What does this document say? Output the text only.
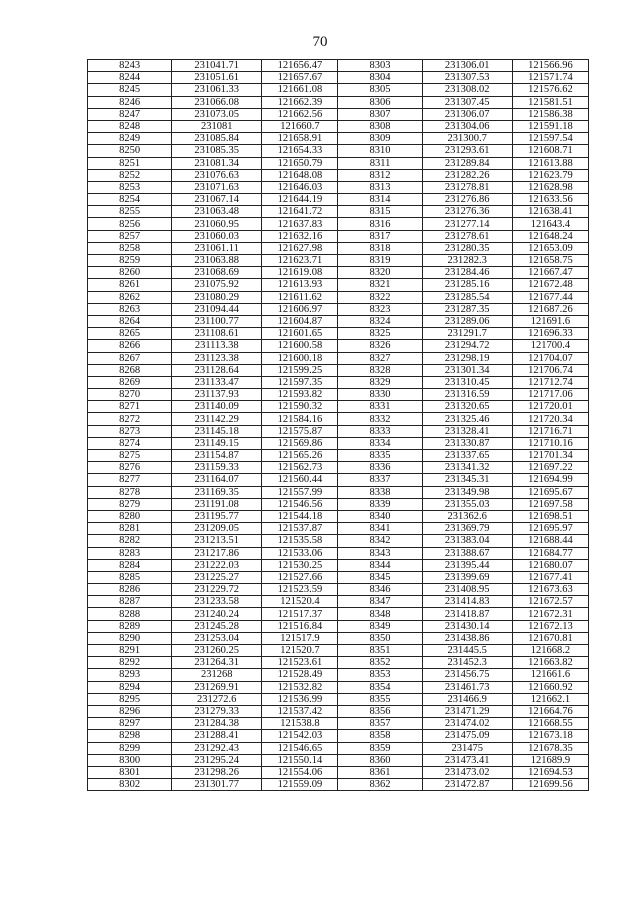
70
8243	231041.71	121656.47	8303	231306.01	121566.96
8244	231051.61	121657.67	8304	231307.53	121571.74
8245	231061.33	121661.08	8305	231308.02	121576.62
8246	231066.08	121662.39	8306	231307.45	121581.51
8247	231073.05	121662.56	8307	231306.07	121586.38
8248	231081	121660.7	8308	231304.06	121591.18
8249	231085.84	121658.91	8309	231300.7	121597.54
8250	231085.35	121654.33	8310	231293.61	121608.71
8251	231081.34	121650.79	8311	231289.84	121613.88
8252	231076.63	121648.08	8312	231282.26	121623.79
8253	231071.63	121646.03	8313	231278.81	121628.98
8254	231067.14	121644.19	8314	231276.86	121633.56
8255	231063.48	121641.72	8315	231276.36	121638.41
8256	231060.95	121637.83	8316	231277.14	121643.4
8257	231060.03	121632.16	8317	231278.61	121648.24
8258	231061.11	121627.98	8318	231280.35	121653.09
8259	231063.88	121623.71	8319	231282.3	121658.75
8260	231068.69	121619.08	8320	231284.46	121667.47
8261	231075.92	121613.93	8321	231285.16	121672.48
8262	231080.29	121611.62	8322	231285.54	121677.44
8263	231094.44	121606.97	8323	231287.35	121687.26
8264	231100.77	121604.87	8324	231289.06	121691.6
8265	231108.61	121601.65	8325	231291.7	121696.33
8266	231113.38	121600.58	8326	231294.72	121700.4
8267	231123.38	121600.18	8327	231298.19	121704.07
8268	231128.64	121599.25	8328	231301.34	121706.74
8269	231133.47	121597.35	8329	231310.45	121712.74
8270	231137.93	121593.82	8330	231316.59	121717.06
8271	231140.09	121590.32	8331	231320.65	121720.01
8272	231142.29	121584.16	8332	231325.46	121720.34
8273	231145.18	121575.87	8333	231328.41	121716.71
8274	231149.15	121569.86	8334	231330.87	121710.16
8275	231154.87	121565.26	8335	231337.65	121701.34
8276	231159.33	121562.73	8336	231341.32	121697.22
8277	231164.07	121560.44	8337	231345.31	121694.99
8278	231169.35	121557.99	8338	231349.98	121695.67
8279	231191.08	121546.56	8339	231355.03	121697.58
8280	231195.77	121544.18	8340	231362.6	121698.51
8281	231209.05	121537.87	8341	231369.79	121695.97
8282	231213.51	121535.58	8342	231383.04	121688.44
8283	231217.86	121533.06	8343	231388.67	121684.77
8284	231222.03	121530.25	8344	231395.44	121680.07
8285	231225.27	121527.66	8345	231399.69	121677.41
8286	231229.72	121523.59	8346	231408.95	121673.63
8287	231233.58	121520.4	8347	231414.83	121672.57
8288	231240.24	121517.37	8348	231418.87	121672.31
8289	231245.28	121516.84	8349	231430.14	121672.13
8290	231253.04	121517.9	8350	231438.86	121670.81
8291	231260.25	121520.7	8351	231445.5	121668.2
8292	231264.31	121523.61	8352	231452.3	121663.82
8293	231268	121528.49	8353	231456.75	121661.6
8294	231269.91	121532.82	8354	231461.73	121660.92
8295	231272.6	121536.99	8355	231466.9	121662.1
8296	231279.33	121537.42	8356	231471.29	121664.76
8297	231284.38	121538.8	8357	231474.02	121668.55
8298	231288.41	121542.03	8358	231475.09	121673.18
8299	231292.43	121546.65	8359	231475	121678.35
8300	231295.24	121550.14	8360	231473.41	121689.9
8301	231298.26	121554.06	8361	231473.02	121694.53
8302	231301.77	121559.09	8362	231472.87	121699.56
